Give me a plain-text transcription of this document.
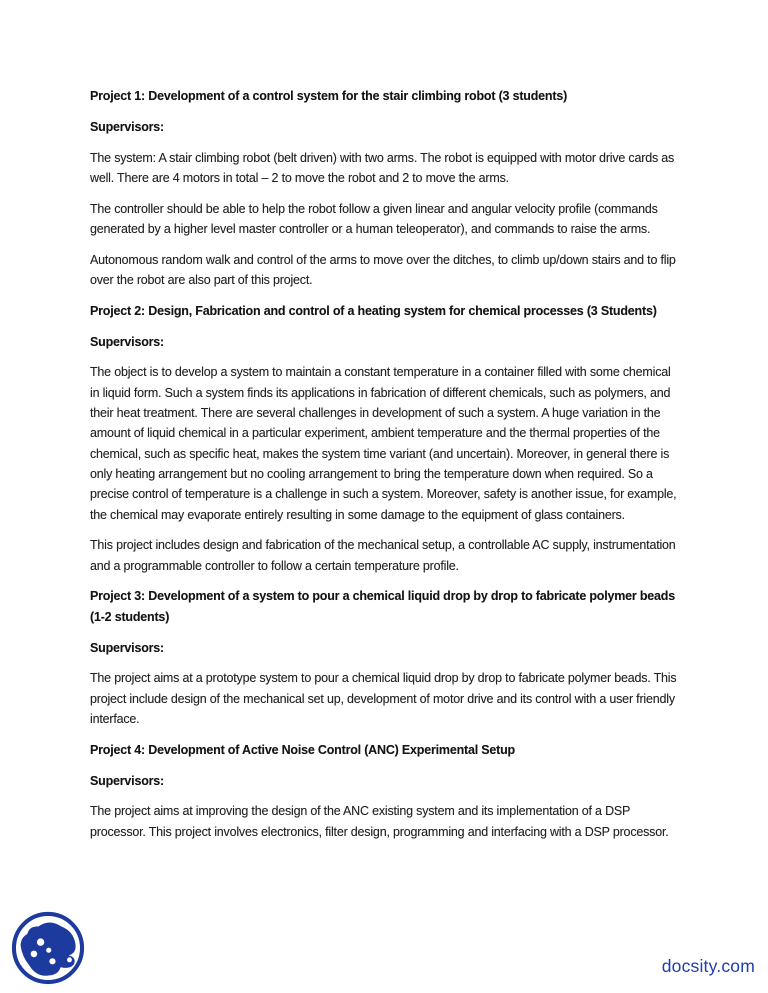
Project 1: Development of a control system for the stair climbing robot (3 students)
Supervisors:

The system: A stair climbing robot (belt driven) with two arms. The robot is equipped with motor drive cards as well. There are 4 motors in total – 2 to move the robot and 2 to move the arms.

The controller should be able to help the robot follow a given linear and angular velocity profile (commands generated by a higher level master controller or a human teleoperator), and commands to raise the arms.

Autonomous random walk and control of the arms to move over the ditches, to climb up/down stairs and to flip over the robot are also part of this project.

Project 2: Design, Fabrication and control of a heating system for chemical processes (3 Students)
Supervisors:

The object is to develop a system to maintain a constant temperature in a container filled with some chemical in liquid form. Such a system finds its applications in fabrication of different chemicals, such as polymers, and their heat treatment. There are several challenges in development of such a system. A huge variation in the amount of liquid chemical in a particular experiment, ambient temperature and the thermal properties of the chemical, such as specific heat, makes the system time variant (and uncertain). Moreover, in general there is only heating arrangement but no cooling arrangement to bring the temperature down when required. So a precise control of temperature is a challenge in such a system. Moreover, safety is another issue, for example, the chemical may evaporate entirely resulting in some damage to the equipment of glass containers.

This project includes design and fabrication of the mechanical setup, a controllable AC supply, instrumentation and a programmable controller to follow a certain temperature profile.

Project 3: Development of a system to pour a chemical liquid drop by drop to fabricate polymer beads (1-2 students)
Supervisors:

The project aims at a prototype system to pour a chemical liquid drop by drop to fabricate polymer beads. This project include design of the mechanical set up, development of motor drive and its control with a user friendly interface.

Project 4: Development of Active Noise Control (ANC) Experimental Setup
Supervisors:

The project aims at improving the design of the ANC existing system and its implementation of a DSP processor. This project involves electronics, filter design, programming and interfacing with a DSP processor.

docsity.com
